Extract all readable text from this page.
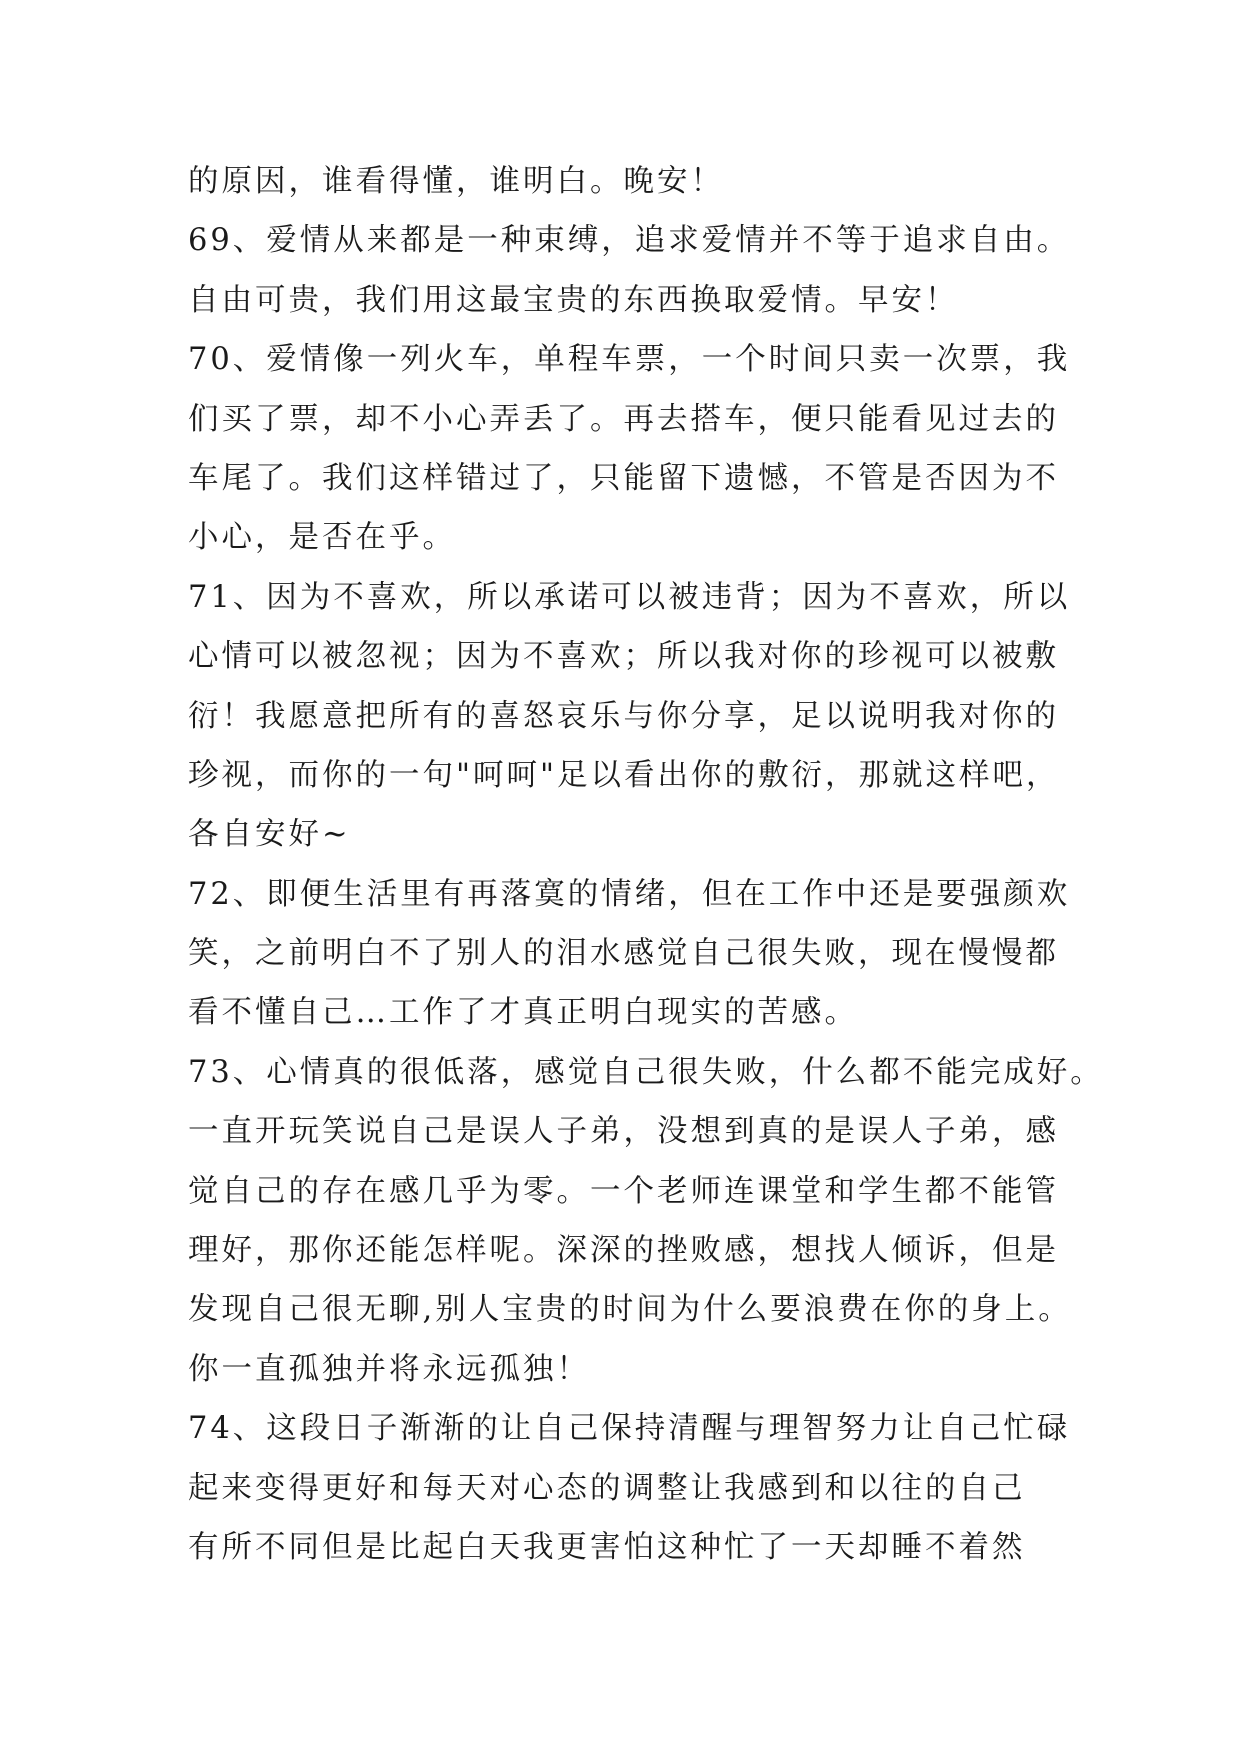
的原因，谁看得懂，谁明白。晚安！
69、爱情从来都是一种束缚，追求爱情并不等于追求自由。
自由可贵，我们用这最宝贵的东西换取爱情。早安！
70、爱情像一列火车，单程车票，一个时间只卖一次票，我
们买了票，却不小心弄丢了。再去搭车，便只能看见过去的
车尾了。我们这样错过了，只能留下遗憾，不管是否因为不
小心，是否在乎。
71、因为不喜欢，所以承诺可以被违背；因为不喜欢，所以
心情可以被忽视；因为不喜欢；所以我对你的珍视可以被敷
衍！我愿意把所有的喜怒哀乐与你分享，足以说明我对你的
珍视，而你的一句"呵呵"足以看出你的敷衍，那就这样吧，
各自安好~
72、即便生活里有再落寞的情绪，但在工作中还是要强颜欢
笑，之前明白不了别人的泪水感觉自己很失败，现在慢慢都
看不懂自己…工作了才真正明白现实的苦感。
73、心情真的很低落，感觉自己很失败，什么都不能完成好。
一直开玩笑说自己是误人子弟，没想到真的是误人子弟，感
觉自己的存在感几乎为零。一个老师连课堂和学生都不能管
理好，那你还能怎样呢。深深的挫败感，想找人倾诉，但是
发现自己很无聊,别人宝贵的时间为什么要浪费在你的身上。
你一直孤独并将永远孤独！
74、这段日子渐渐的让自己保持清醒与理智努力让自己忙碌
起来变得更好和每天对心态的调整让我感到和以往的自己
有所不同但是比起白天我更害怕这种忙了一天却睡不着然
